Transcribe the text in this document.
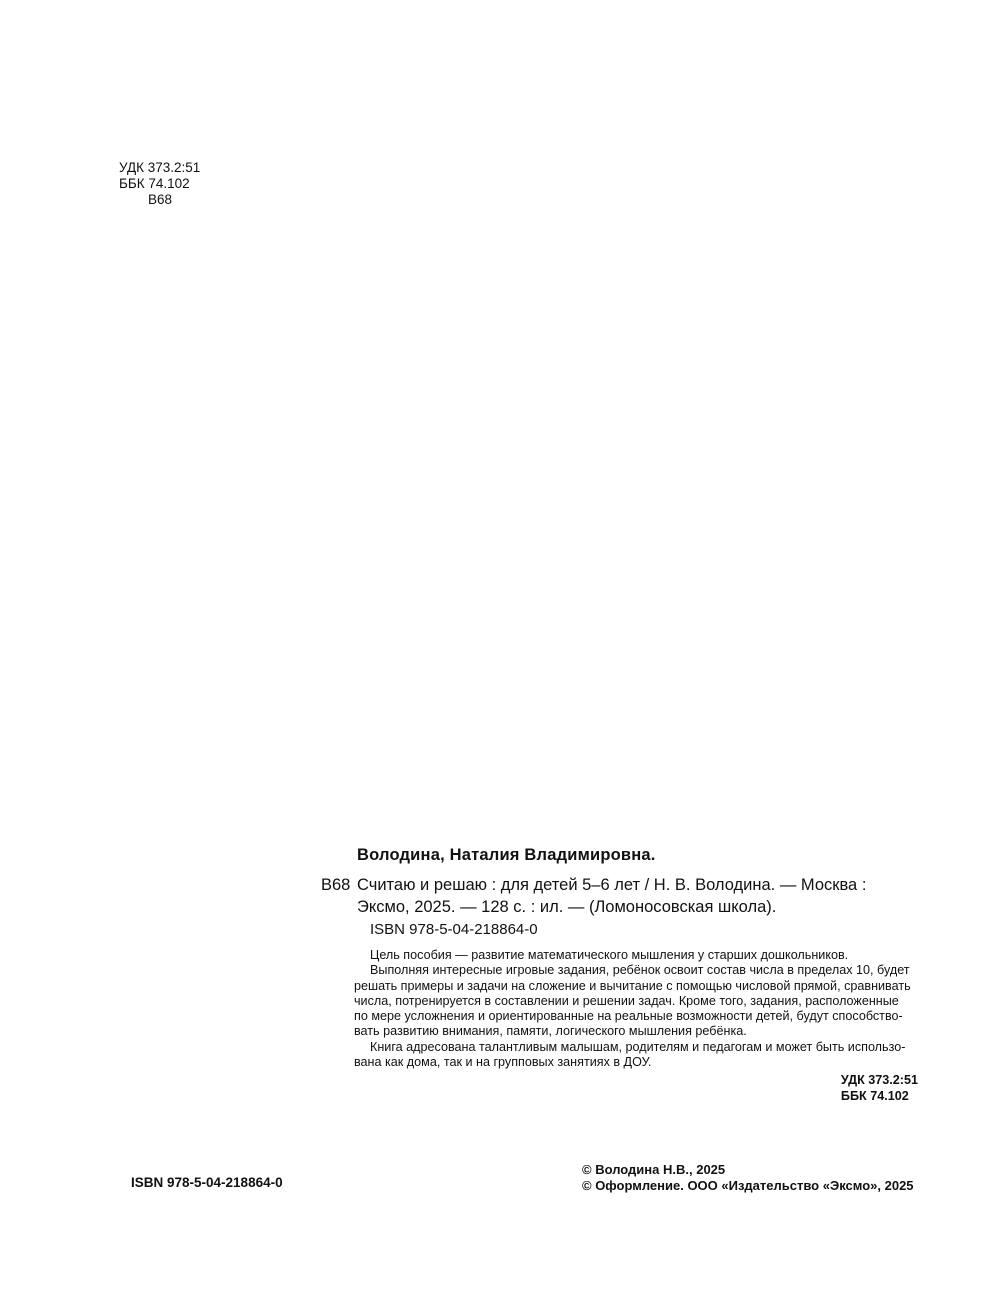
УДК 373.2:51
ББК 74.102
В68
Володина, Наталия Владимировна.
В68 Считаю и решаю : для детей 5–6 лет / Н. В. Володина. — Москва :
Эксмо, 2025. — 128 с. : ил. — (Ломоносовская школа).
ISBN 978-5-04-218864-0

Цель пособия — развитие математического мышления у старших дошкольников.

Выполняя интересные игровые задания, ребёнок освоит состав числа в пределах 10, будет

решать примеры и задачи на сложение и вычитание с помощью числовой прямой, сравнивать

числа, потренируется в составлении и решении задач. Кроме того, задания, расположенные

по мере усложнения и ориентированные на реальные возможности детей, будут способство-

вать развитию внимания, памяти, логического мышления ребёнка.

Книга адресована талантливым малышам, родителям и педагогам и может быть использо-

вана как дома, так и на групповых занятиях в ДОУ.

УДК 373.2:51
ББК 74.102
ISBN 978-5-04-218864-0
© Володина Н.В., 2025
© Оформление. ООО «Издательство «Эксмо», 2025
